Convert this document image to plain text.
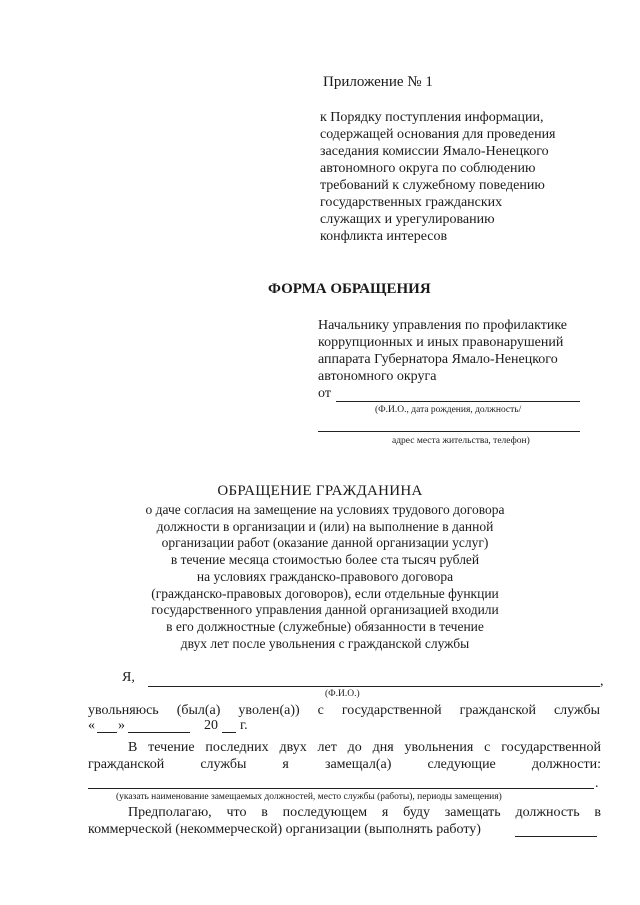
Приложение № 1
к Порядку поступления информации,
содержащей основания для проведения
заседания комиссии Ямало-Ненецкого
автономного округа по соблюдению
требований к служебному поведению
государственных гражданских
служащих и урегулированию
конфликта интересов
ФОРМА ОБРАЩЕНИЯ
Начальнику управления по профилактике
коррупционных и иных правонарушений
аппарата Губернатора Ямало-Ненецкого
автономного округа
от
(Ф.И.О., дата рождения, должность/
адрес места жительства, телефон)
ОБРАЩЕНИЕ ГРАЖДАНИНА
о даче согласия на замещение на условиях трудового договора
должности в организации и (или) на выполнение в данной
организации работ (оказание данной организации услуг)
в течение месяца стоимостью более ста тысяч рублей
на условиях гражданско-правового договора
(гражданско-правовых договоров), если отдельные функции
государственного управления данной организацией входили
в его должностные (служебные) обязанности в течение
двух лет после увольнения с гражданской службы
Я,	,
(Ф.И.О.)
увольняюсь (был(а) уволен(а)) с государственной гражданской службы
« »	20 г.
В течение последних двух лет до дня увольнения с государственной
гражданской службы я замещал(а) следующие должности:
.
(указать наименование замещаемых должностей, место службы (работы), периоды замещения)
Предполагаю, что в последующем я буду замещать должность в
коммерческой (некоммерческой) организации (выполнять работу)
